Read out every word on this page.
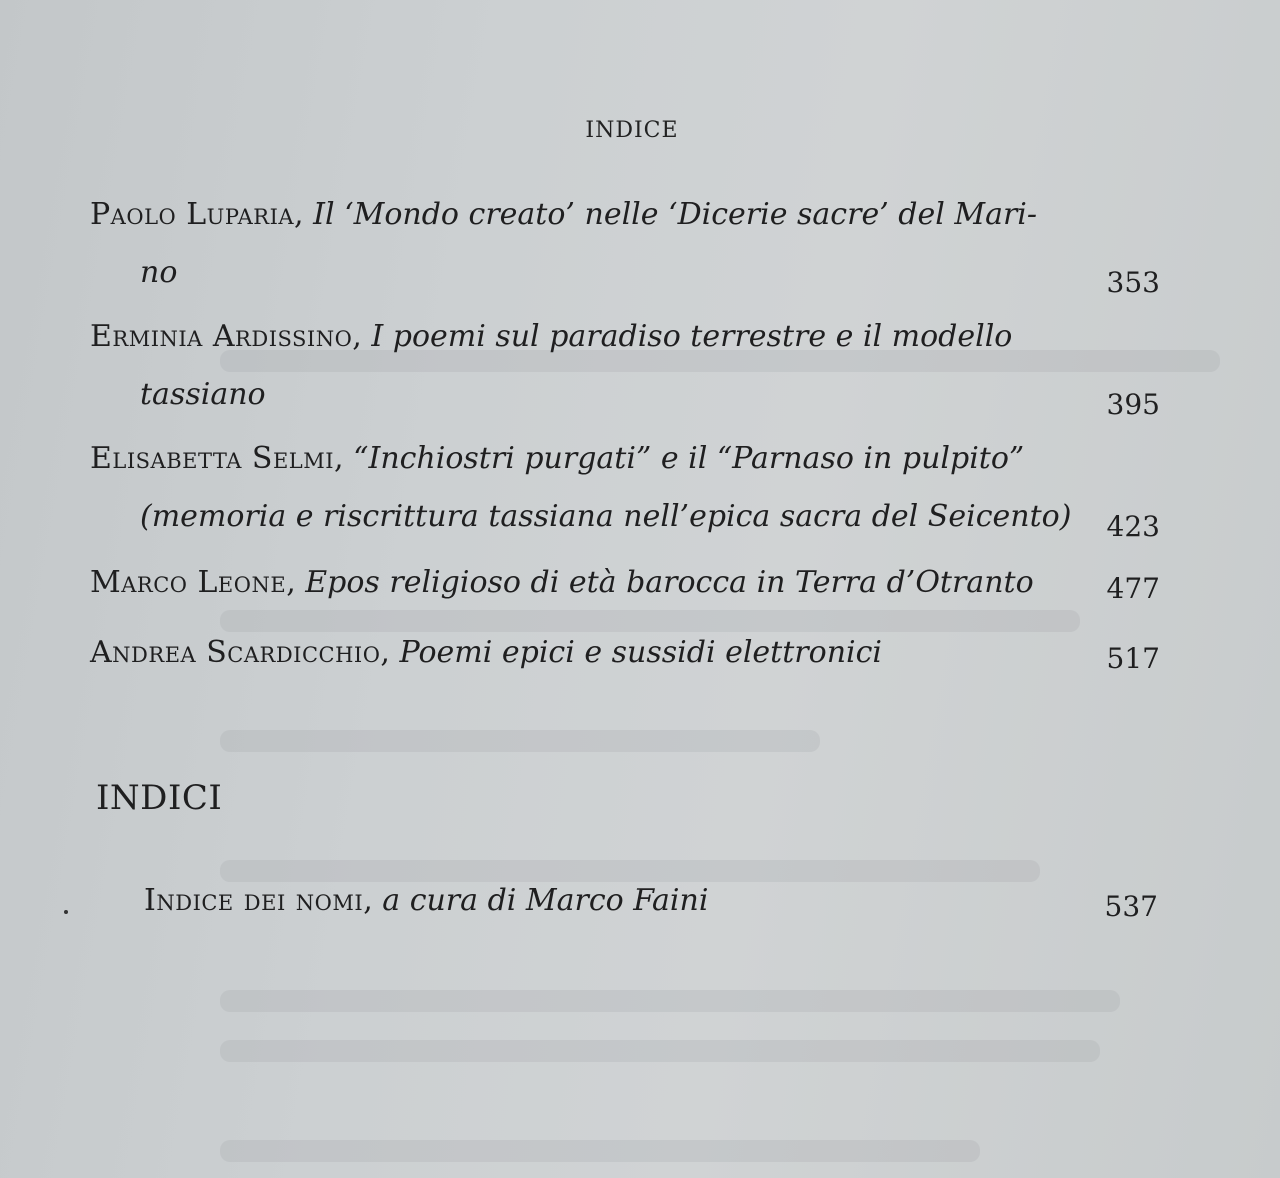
INDICE
Paolo Luparia, Il ‘Mondo creato’ nelle ‘Dicerie sacre’ del Mari-
no	353
Erminia Ardissino, I poemi sul paradiso terrestre e il modello
tassiano	395
Elisabetta Selmi, “Inchiostri purgati” e il “Parnaso in pulpito”
(memoria e riscrittura tassiana nell’epica sacra del Seicento)	423
Marco Leone, Epos religioso di età barocca in Terra d’Otranto	477
Andrea Scardicchio, Poemi epici e sussidi elettronici	517
INDICI
Indice dei nomi, a cura di Marco Faini	537
